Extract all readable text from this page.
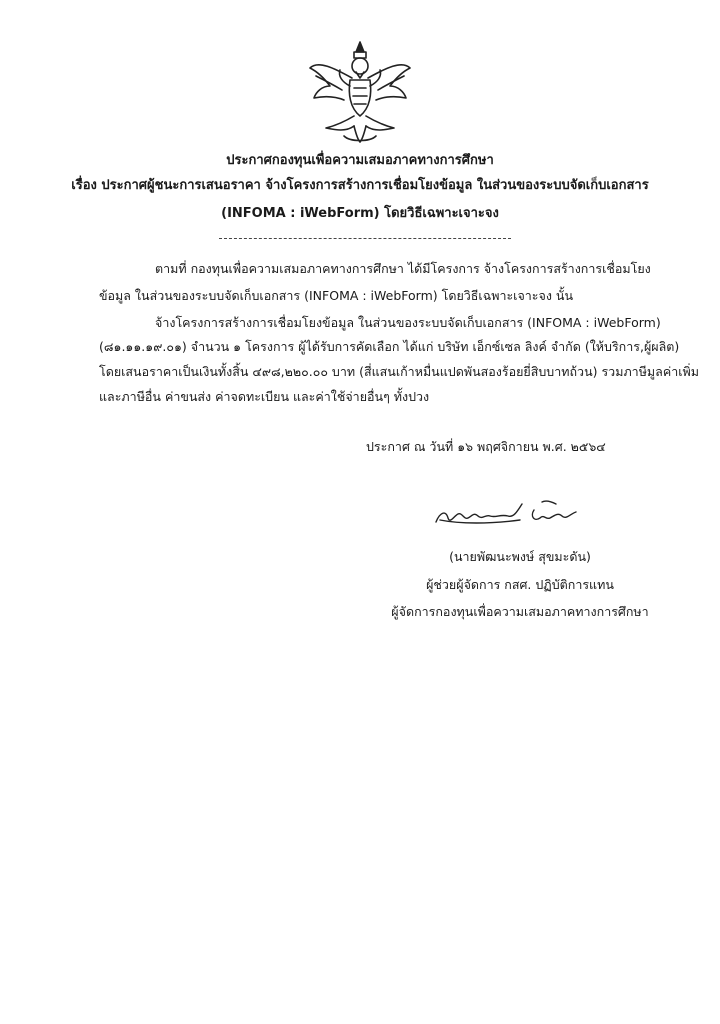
ประกาศกองทุนเพื่อความเสมอภาคทางการศึกษา
เรื่อง ประกาศผู้ชนะการเสนอราคา จ้างโครงการสร้างการเชื่อมโยงข้อมูล ในส่วนของระบบจัดเก็บเอกสาร
(INFOMA : iWebForm) โดยวิธีเฉพาะเจาะจง
ตามที่ กองทุนเพื่อความเสมอภาคทางการศึกษา ได้มีโครงการ จ้างโครงการสร้างการเชื่อมโยง
ข้อมูล ในส่วนของระบบจัดเก็บเอกสาร (INFOMA : iWebForm) โดยวิธีเฉพาะเจาะจง นั้น
จ้างโครงการสร้างการเชื่อมโยงข้อมูล ในส่วนของระบบจัดเก็บเอกสาร (INFOMA : iWebForm)
(๘๑.๑๑.๑๙.๐๑) จำนวน ๑ โครงการ ผู้ได้รับการคัดเลือก ได้แก่ บริษัท เอ็กซ์เซล ลิงค์ จำกัด (ให้บริการ,ผู้ผลิต)
โดยเสนอราคาเป็นเงินทั้งสิ้น ๔๙๘,๒๒๐.๐๐ บาท (สี่แสนเก้าหมื่นแปดพันสองร้อยยี่สิบบาทถ้วน) รวมภาษีมูลค่าเพิ่ม
และภาษีอื่น ค่าขนส่ง ค่าจดทะเบียน และค่าใช้จ่ายอื่นๆ ทั้งปวง
ประกาศ ณ วันที่ ๑๖ พฤศจิกายน พ.ศ. ๒๕๖๔
(นายพัฒนะพงษ์ สุขมะดัน)
ผู้ช่วยผู้จัดการ กสศ. ปฏิบัติการแทน
ผู้จัดการกองทุนเพื่อความเสมอภาคทางการศึกษา
